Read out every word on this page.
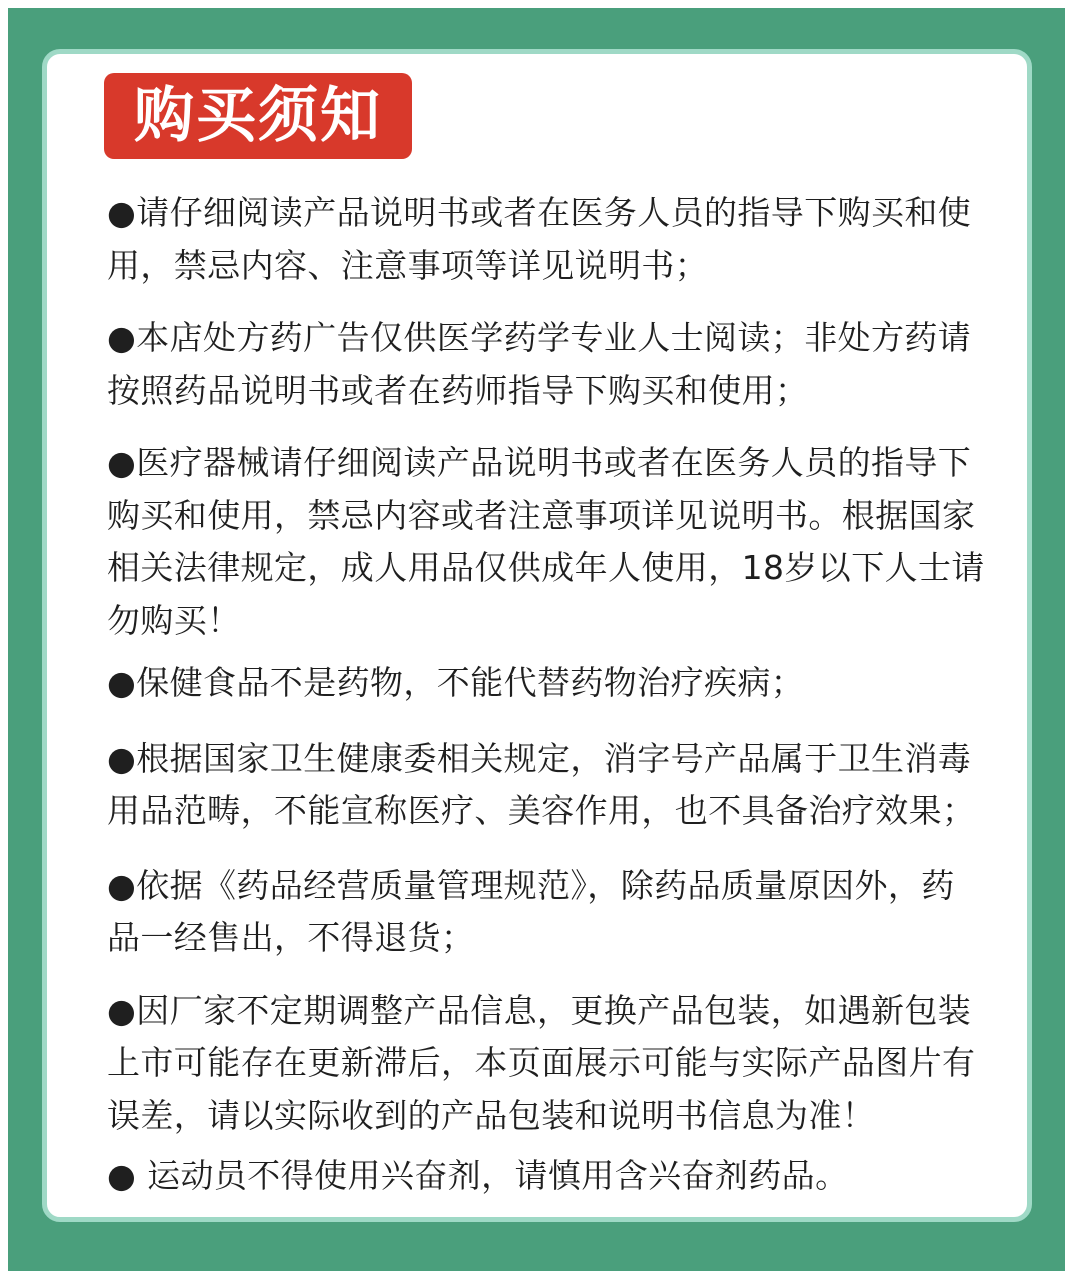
购买须知
●请仔细阅读产品说明书或者在医务人员的指导下购买和使用，禁忌内容、注意事项等详见说明书；
●本店处方药广告仅供医学药学专业人士阅读；非处方药请按照药品说明书或者在药师指导下购买和使用；
●医疗器械请仔细阅读产品说明书或者在医务人员的指导下购买和使用，禁忌内容或者注意事项详见说明书。根据国家相关法律规定，成人用品仅供成年人使用，18岁以下人士请勿购买！
●保健食品不是药物，不能代替药物治疗疾病；
●根据国家卫生健康委相关规定，消字号产品属于卫生消毒用品范畴，不能宣称医疗、美容作用，也不具备治疗效果；
●依据《药品经营质量管理规范》，除药品质量原因外，药品一经售出，不得退货；
●因厂家不定期调整产品信息，更换产品包装，如遇新包装上市可能存在更新滞后，本页面展示可能与实际产品图片有误差，请以实际收到的产品包装和说明书信息为准！
● 运动员不得使用兴奋剂，请慎用含兴奋剂药品。
